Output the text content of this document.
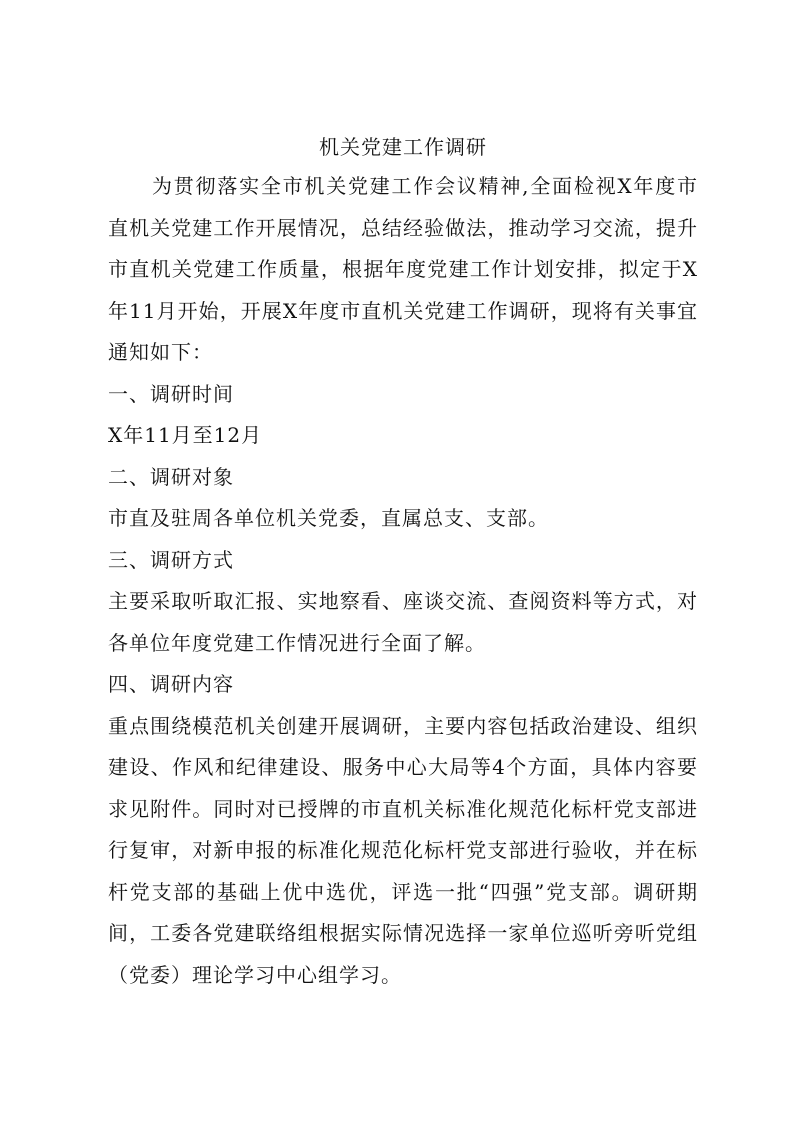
机关党建工作调研

为贯彻落实全市机关党建工作会议精神,全面检视X年度市直机关党建工作开展情况，总结经验做法，推动学习交流，提升市直机关党建工作质量，根据年度党建工作计划安排，拟定于X年11月开始，开展X年度市直机关党建工作调研，现将有关事宜通知如下：

一、调研时间

X年11月至12月

二、调研对象

市直及驻周各单位机关党委，直属总支、支部。

三、调研方式

主要采取听取汇报、实地察看、座谈交流、查阅资料等方式，对各单位年度党建工作情况进行全面了解。

四、调研内容

重点围绕模范机关创建开展调研，主要内容包括政治建设、组织建设、作风和纪律建设、服务中心大局等4个方面，具体内容要求见附件。同时对已授牌的市直机关标准化规范化标杆党支部进行复审，对新申报的标准化规范化标杆党支部进行验收，并在标杆党支部的基础上优中选优，评选一批“四强”党支部。调研期间，工委各党建联络组根据实际情况选择一家单位巡听旁听党组（党委）理论学习中心组学习。
